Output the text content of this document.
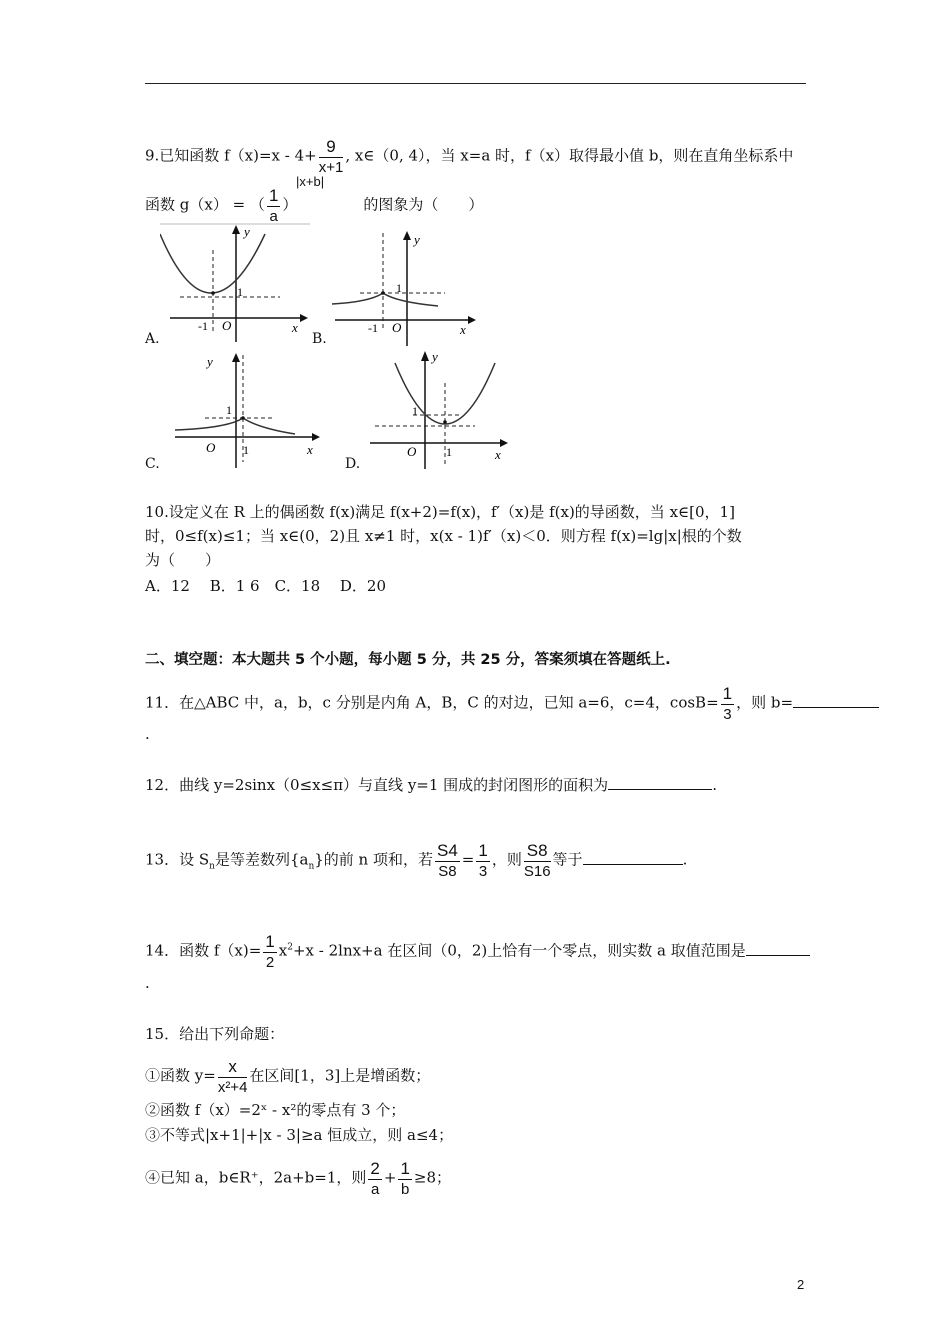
9.已知函数 $f(x)=x - 4+ \frac{9}{x+1}$ , x∈（0, 4），当 x=a 时，f（x）取得最小值 b，则在直角坐标系中
函数 g（x） = （ $\frac{1}{a}$ ）	的图象为（　　）
|x+b|
-1 O
1
x
y
A.
-1 O
1
x
y
B.
O 1
1
x
y
C.
O 1
1
x
y
D.
10.设定义在 R 上的偶函数 f(x)满足 f(x+2)=f(x)，f′（x)是 f(x)的导函数，当 x∈[0，1]
时，0≤f(x)≤1；当 x∈(0，2)且 x≠1 时，x(x - 1)f′（x)＜0．则方程 f(x)=lg|x|根的个数
为（　　）
A．12　 B．1 6　C．18　 D．20
二、填空题：本大题共 5 个小题，每小题 5 分，共 25 分，答案须填在答题纸上.
11．在△ABC 中，a，b，c 分别是内角 A，B，C 的对边，已知 a=6，c=4，$\cos B= \frac{1}{3}$ ，则 b=
.
12．曲线 y=2sinx（0≤x≤π）与直线 y=1 围成的封闭图形的面积为	.
13．设 $S_n$是等差数列$\{a_n\}$的前 n 项和，若 $\frac{S4}{S8} = \frac{1}{3}$ ，则 $\frac{S8}{S16}$ 等于	.
14．函数 $f(x)= \frac{1}{2} x^2+x - 2\ln x+a$ 在区间（0，2)上恰有一个零点，则实数 a 取值范围是
.
15．给出下列命题：
①函数 $y= \frac{x}{\text{x²+4}}$ 在区间[1，3]上是增函数；
②函数 f（x）=2ˣ - x²的零点有 3 个；
③不等式|x+1|+|x - 3|≥a 恒成立，则 a≤4；
④已知 a，b∈R⁺，2a+b=1，则 $\frac{2}{a} + \frac{1}{b} \ge 8$；
2
